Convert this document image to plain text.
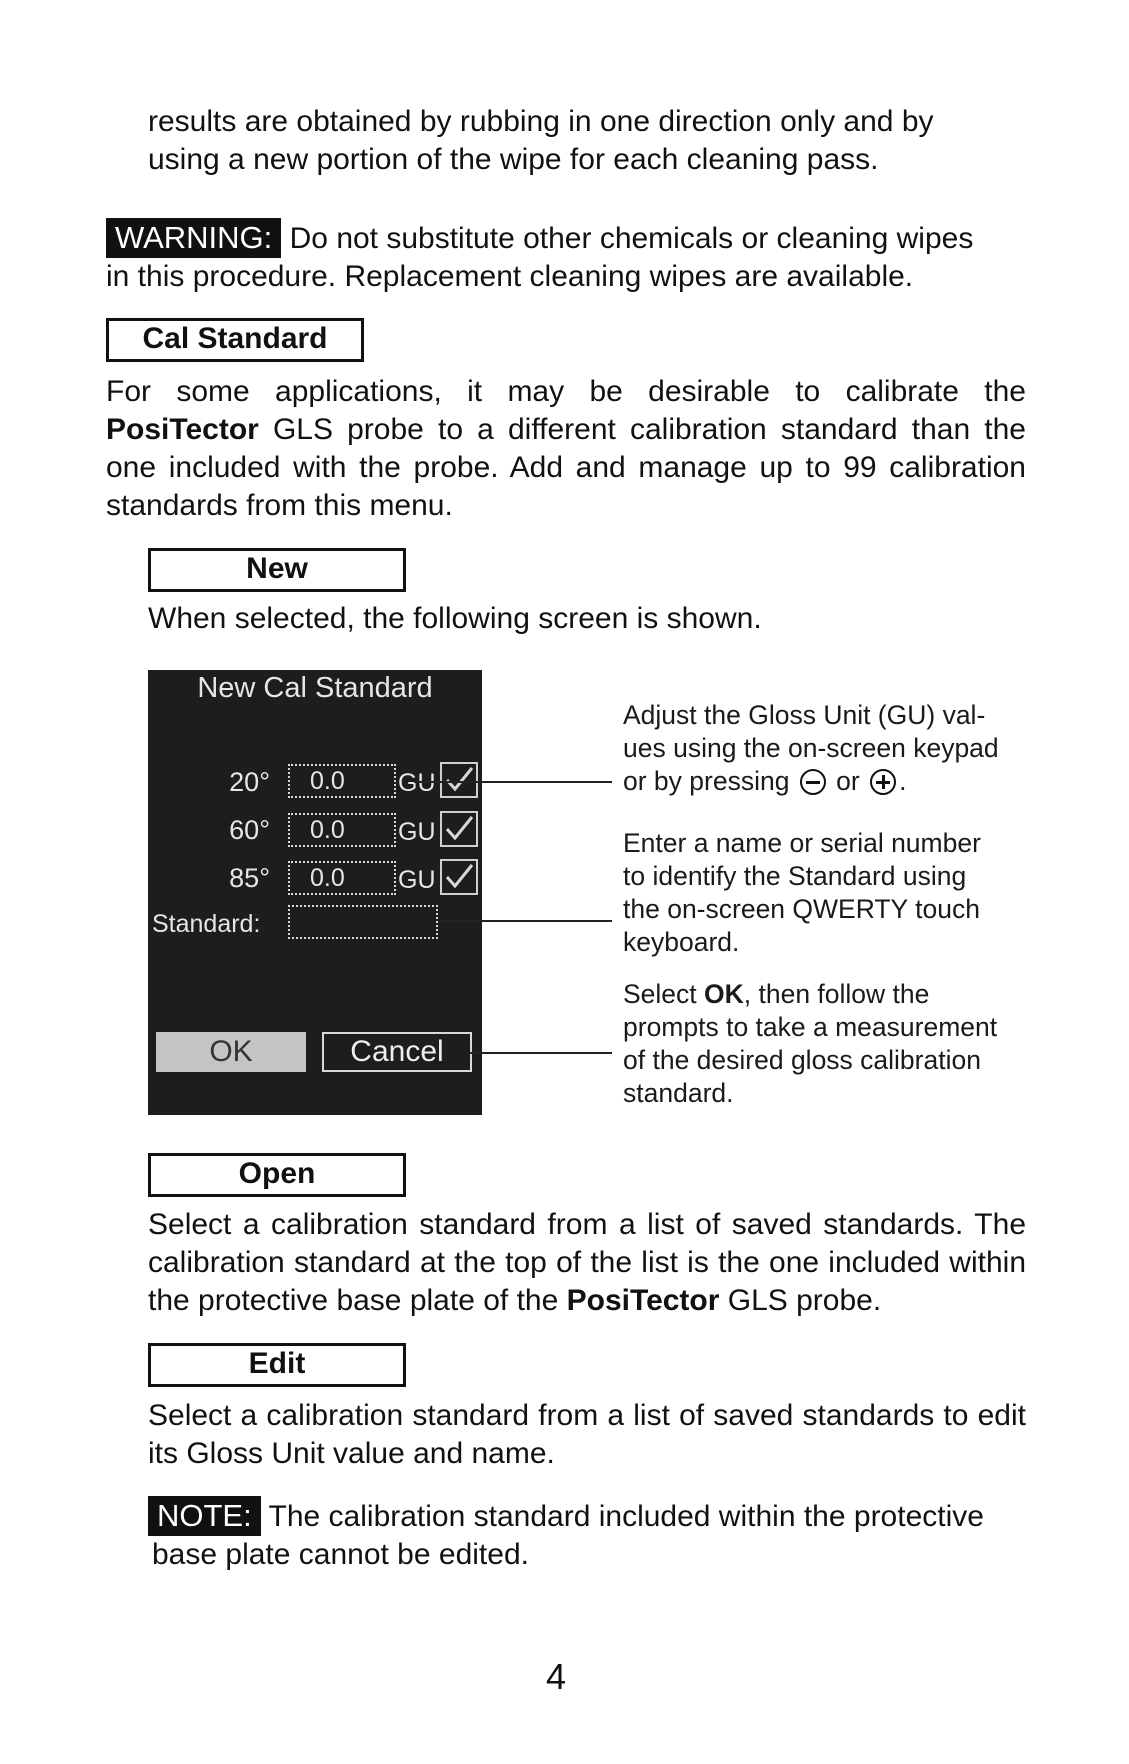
results are obtained by rubbing in one direction only and by
using a new portion of the wipe for each cleaning pass.
WARNING: Do not substitute other chemicals or cleaning wipes
in this procedure. Replacement cleaning wipes are available.
Cal Standard
For some applications, it may be desirable to calibrate the PosiTector GLS probe to a different calibration standard than the one included with the probe. Add and manage up to 99 calibration standards from this menu.
New
When selected, the following screen is shown.
New Cal Standard
20°	0.0	GU
60°	0.0	GU
85°	0.0	GU
Standard:
OK	Cancel
Adjust the Gloss Unit (GU) val-
ues using the on-screen keypad
or by pressing  or .
Enter a name or serial number
to identify the Standard using
the on-screen QWERTY touch
keyboard.
Select OK, then follow the
prompts to take a measurement
of the desired gloss calibration
standard.
Open
Select a calibration standard from a list of saved standards. The calibration standard at the top of the list is the one included within the protective base plate of the PosiTector GLS probe.
Edit
Select a calibration standard from a list of saved standards to edit its Gloss Unit value and name.
NOTE: The calibration standard included within the protective
base plate cannot be edited.
4
